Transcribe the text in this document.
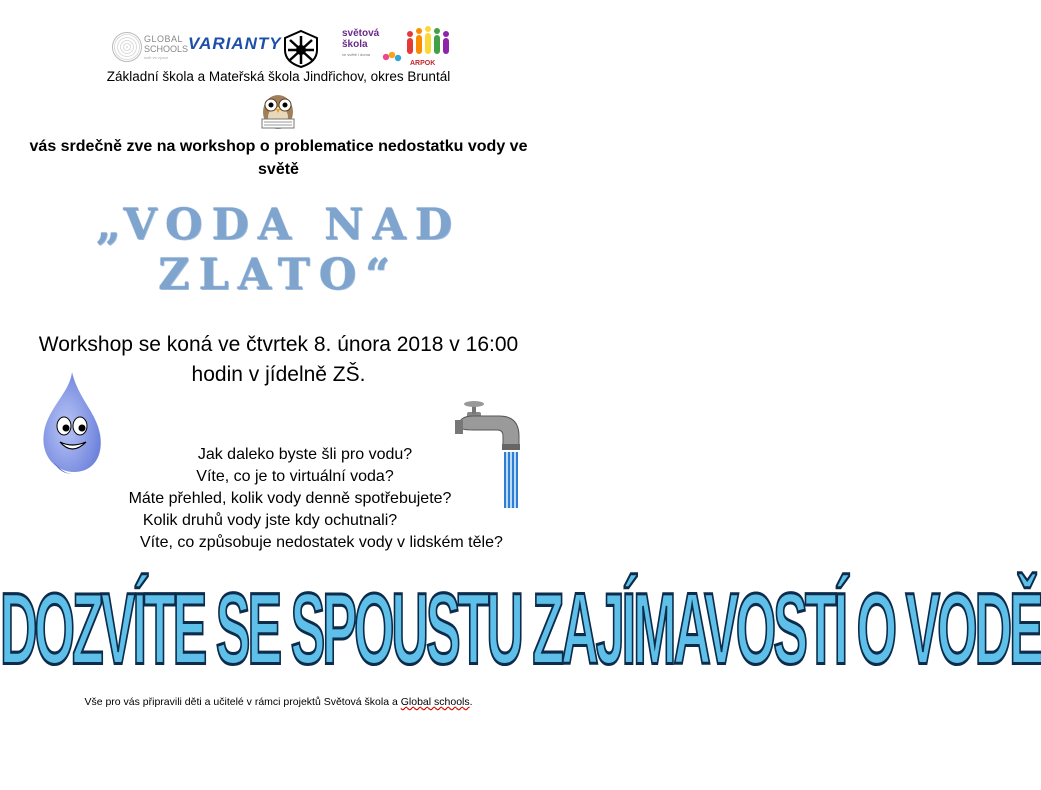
GLOBAL
SCHOOLS
svět ve výuce
VARIANTY
světová
škola
ve světě i doma
ARPOK
Základní škola a Mateřská škola Jindřichov, okres Bruntál
vás srdečně zve na workshop o problematice nedostatku vody ve
světě
„VODA NAD
ZLATO“
Workshop se koná ve čtvrtek 8. února 2018 v 16:00
hodin v jídelně ZŠ.
Jak daleko byste šli pro vodu?
Víte, co je to virtuální voda?
Máte přehled, kolik vody denně spotřebujete?
Kolik druhů vody jste kdy ochutnali?
Víte, co způsobuje nedostatek vody v lidském těle?
DOZVÍTE SE SPOUSTU ZAJÍMAVOSTÍ O VODĚ
Vše pro vás připravili děti a učitelé v rámci projektů Světová škola a Global schools.
